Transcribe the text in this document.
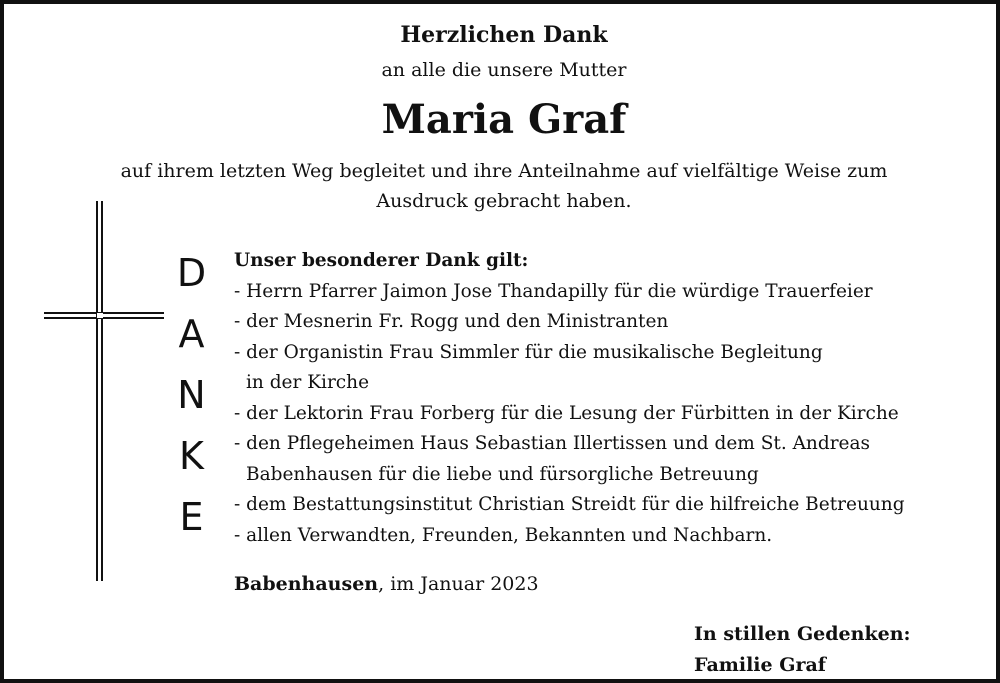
Herzlichen Dank
an alle die unsere Mutter
Maria Graf
auf ihrem letzten Weg begleitet und ihre Anteilnahme auf vielfältige Weise zum
Ausdruck gebracht haben.
D
A
N
K
E
Unser besonderer Dank gilt:
- Herrn Pfarrer Jaimon Jose Thandapilly für die würdige Trauerfeier
- der Mesnerin Fr. Rogg und den Ministranten
- der Organistin Frau Simmler für die musikalische Begleitung
in der Kirche
- der Lektorin Frau Forberg für die Lesung der Fürbitten in der Kirche
- den Pflegeheimen Haus Sebastian Illertissen und dem St. Andreas
Babenhausen für die liebe und fürsorgliche Betreuung
- dem Bestattungsinstitut Christian Streidt für die hilfreiche Betreuung
- allen Verwandten, Freunden, Bekannten und Nachbarn.
Babenhausen, im Januar 2023
In stillen Gedenken:
Familie Graf
